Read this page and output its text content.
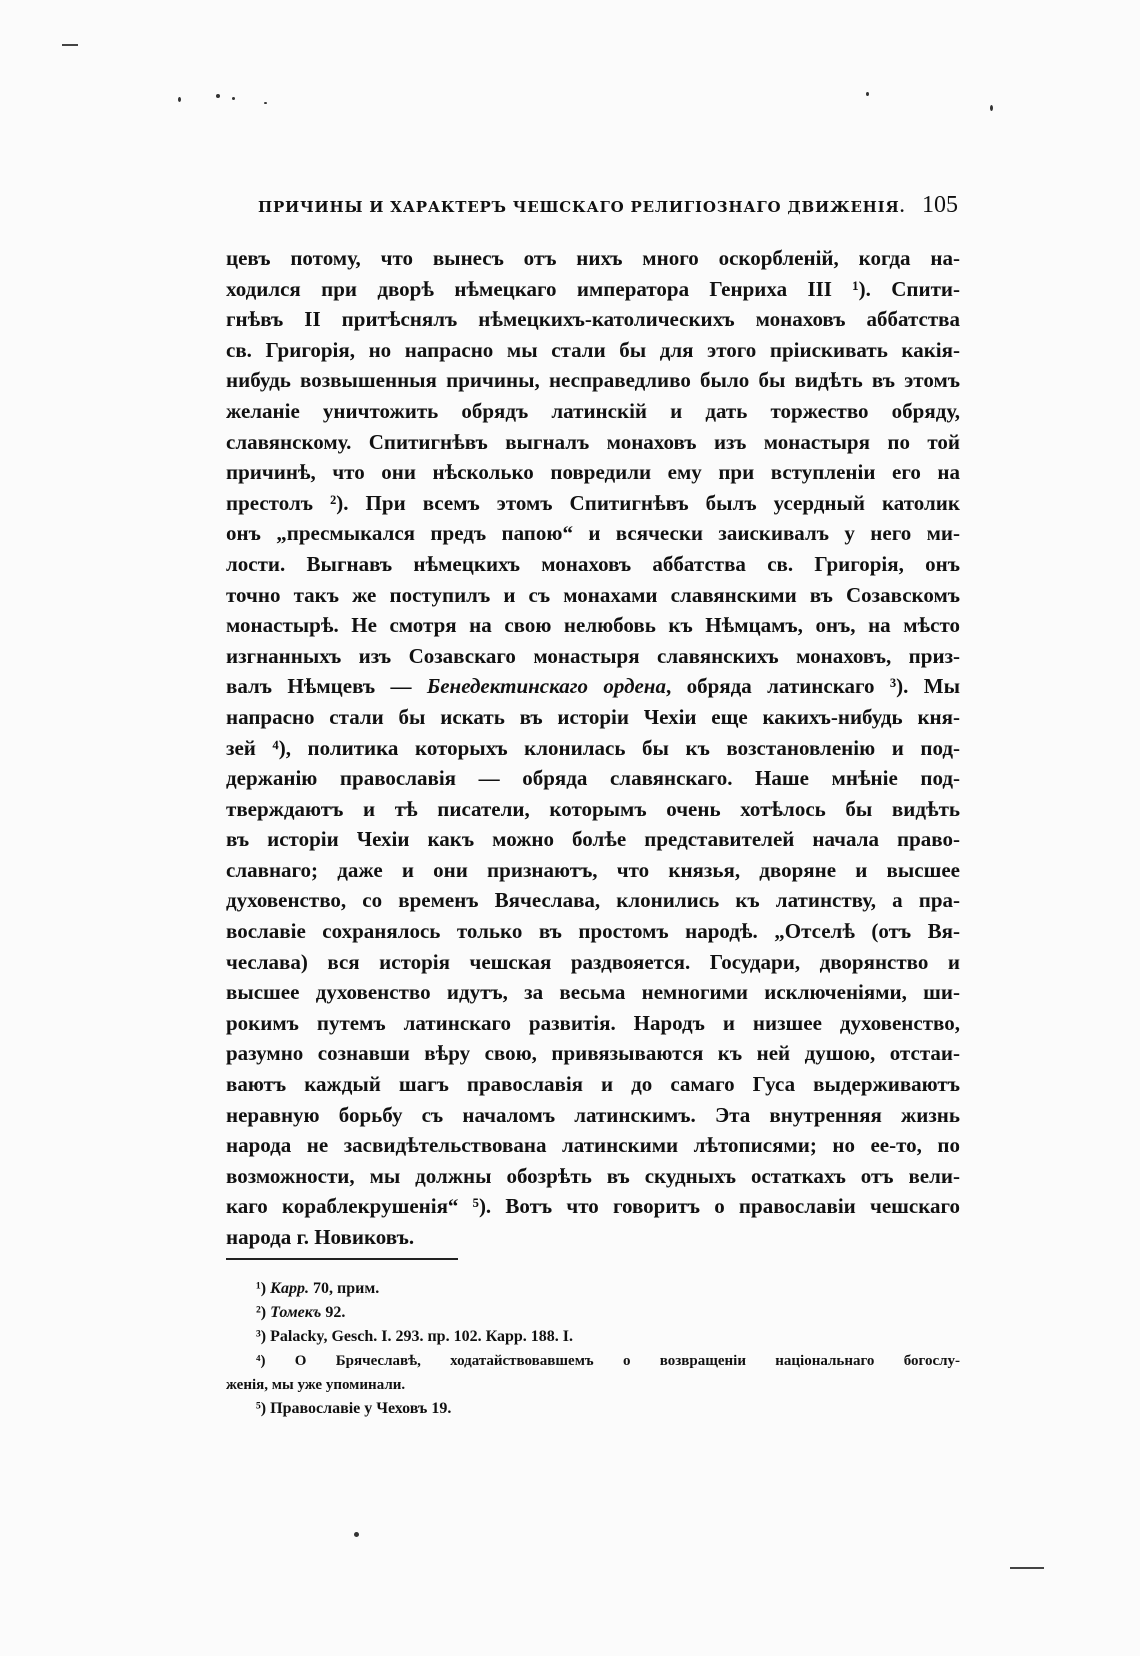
ПРИЧИНЫ И ХАРАКТЕРЪ ЧЕШСКАГО РЕЛИГІОЗНАГО ДВИЖЕНІЯ. 105
цевъ потому, что вынесъ отъ нихъ много оскорбленій, когда на-
ходился при дворѣ нѣмецкаго императора Генриха III ¹). Спити-
гнѣвъ II притѣснялъ нѣмецкихъ-католическихъ монаховъ аббатства
св. Григорія, но напрасно мы стали бы для этого пріискивать какія-
нибудь возвышенныя причины, несправедливо было бы видѣть въ этомъ
желаніе уничтожить обрядъ латинскій и дать торжество обряду,
славянскому. Спитигнѣвъ выгналъ монаховъ изъ монастыря по той
причинѣ, что они нѣсколько повредили ему при вступленіи его на
престолъ ²). При всемъ этомъ Спитигнѣвъ былъ усердный католик
онъ „пресмыкался предъ папою“ и всячески заискивалъ у него ми-
лости. Выгнавъ нѣмецкихъ монаховъ аббатства св. Григорія, онъ
точно такъ же поступилъ и съ монахами славянскими въ Созавскомъ
монастырѣ. Не смотря на свою нелюбовь къ Нѣмцамъ, онъ, на мѣсто
изгнанныхъ изъ Созавскаго монастыря славянскихъ монаховъ, приз-
валъ Нѣмцевъ — Бенедектинскаго ордена, обряда латинскаго ³). Мы
напрасно стали бы искать въ исторіи Чехіи еще какихъ-нибудь кня-
зей ⁴), политика которыхъ клонилась бы къ возстановленію и под-
держанію православія — обряда славянскаго. Наше мнѣніе под-
тверждаютъ и тѣ писатели, которымъ очень хотѣлось бы видѣть
въ исторіи Чехіи какъ можно болѣе представителей начала право-
славнаго; даже и они признаютъ, что князья, дворяне и высшее
духовенство, со временъ Вячеслава, клонились къ латинству, а пра-
вославіе сохранялось только въ простомъ народѣ. „Отселѣ (отъ Вя-
чеслава) вся исторія чешская раздвояется. Государи, дворянство и
высшее духовенство идутъ, за весьма немногими исключеніями, ши-
рокимъ путемъ латинскаго развитія. Народъ и низшее духовенство,
разумно сознавши вѣру свою, привязываются къ ней душою, отстаи-
ваютъ каждый шагъ православія и до самаго Гуса выдерживаютъ
неравную борьбу съ началомъ латинскимъ. Эта внутренняя жизнь
народа не засвидѣтельствована латинскими лѣтописями; но ее-то, по
возможности, мы должны обозрѣть въ скудныхъ остаткахъ отъ вели-
каго кораблекрушенія“ ⁵). Вотъ что говоритъ о православіи чешскаго
народа г. Новиковъ.
¹) Карр. 70, прим.
²) Томекъ 92.
³) Palacky, Gesch. I. 293. пр. 102. Карр. 188. I.
⁴) О Брячеславѣ, ходатайствовавшемъ о возвращеніи національнаго богослу-
женія, мы уже упоминали.
⁵) Православіе у Чеховъ 19.
